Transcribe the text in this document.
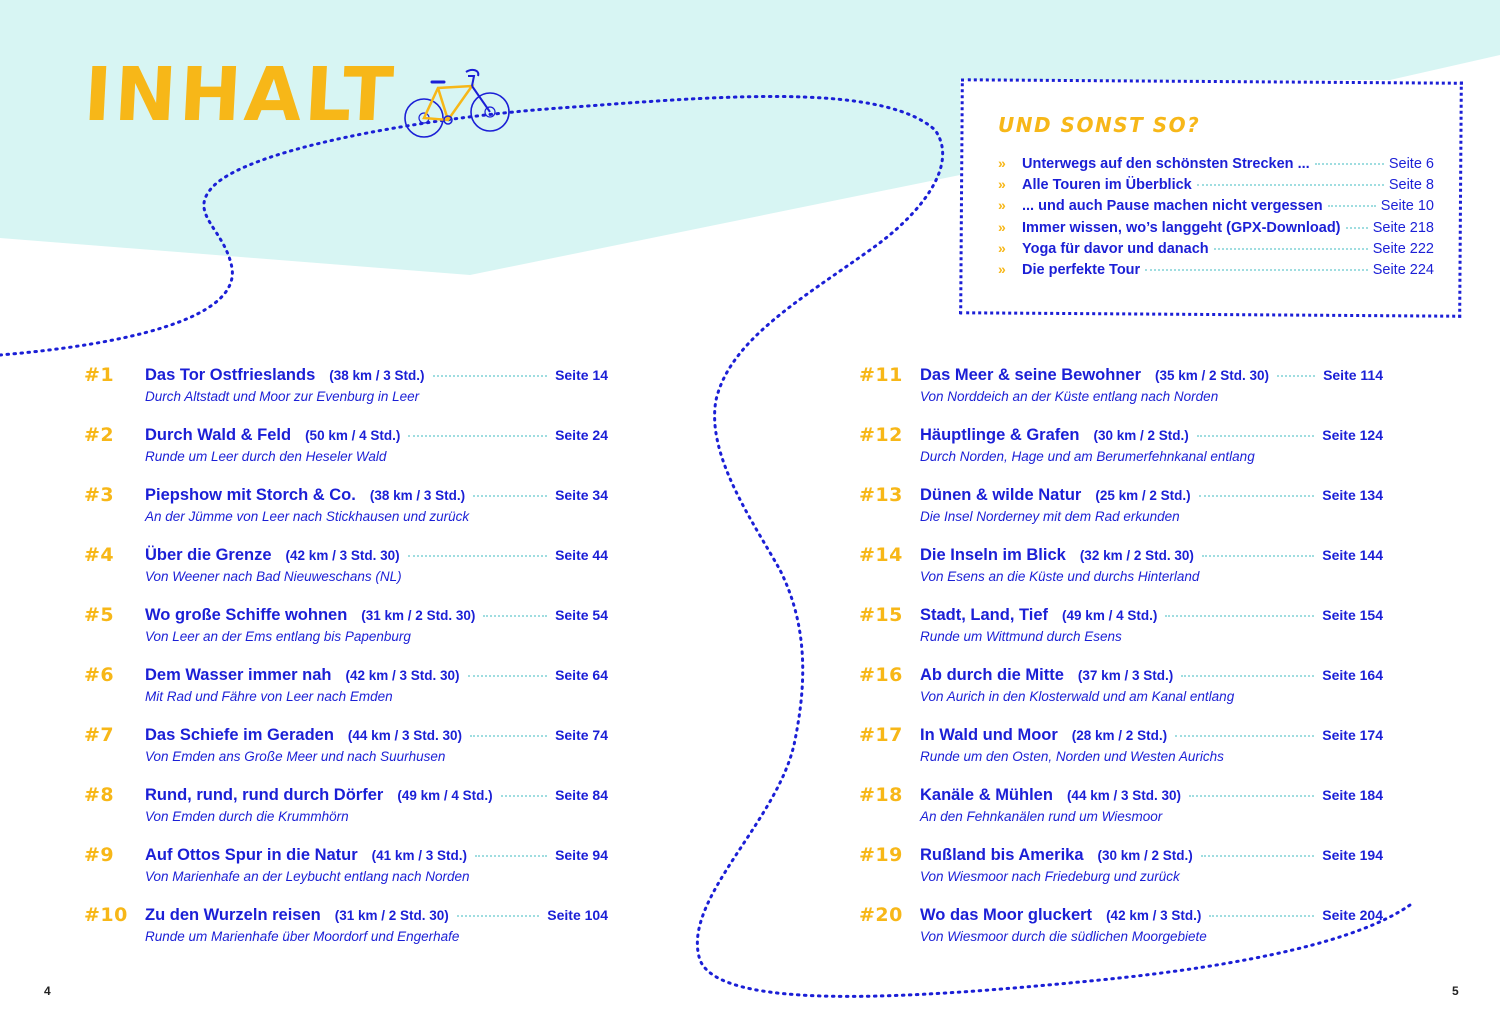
INHALT	UND SONST SO?
»	Unterwegs auf den schönsten Strecken ...	Seite 6
»	Alle Touren im Überblick	Seite 8
»	... und auch Pause machen nicht vergessen	Seite 10
»	Immer wissen, wo’s langgeht (GPX-Download) Seite 218
»	Yoga für davor und danach	Seite 222
»	Die perfekte Tour	Seite 224
#1 Das Tor Ostfrieslands (38 km / 3 Std.)	Seite 14
Durch Altstadt und Moor zur Evenburg in Leer
#2 Durch Wald & Feld (50 km / 4 Std.)	Seite 24
Runde um Leer durch den Heseler Wald
#3 Piepshow mit Storch & Co. (38 km / 3 Std.)	Seite 34
An der Jümme von Leer nach Stickhausen und zurück
#4 Über die Grenze (42 km / 3 Std. 30)	Seite 44
Von Weener nach Bad Nieuweschans (NL)
#5 Wo große Schiffe wohnen (31 km / 2 Std. 30)	Seite 54
Von Leer an der Ems entlang bis Papenburg
#6 Dem Wasser immer nah (42 km / 3 Std. 30)	Seite 64
Mit Rad und Fähre von Leer nach Emden
#7 Das Schiefe im Geraden (44 km / 3 Std. 30)	Seite 74
Von Emden ans Große Meer und nach Suurhusen
#8 Rund, rund, rund durch Dörfer (49 km / 4 Std.)	Seite 84
Von Emden durch die Krummhörn
#9 Auf Ottos Spur in die Natur (41 km / 3 Std.)	Seite 94
Von Marienhafe an der Leybucht entlang nach Norden
#10 Zu den Wurzeln reisen (31 km / 2 Std. 30)	Seite 104
Runde um Marienhafe über Moordorf und Engerhafe
#11 Das Meer & seine Bewohner (35 km / 2 Std. 30)	Seite 114
Von Norddeich an der Küste entlang nach Norden
#12 Häuptlinge & Grafen (30 km / 2 Std.)	Seite 124
Durch Norden, Hage und am Berumerfehnkanal entlang
#13 Dünen & wilde Natur (25 km / 2 Std.)	Seite 134
Die Insel Norderney mit dem Rad erkunden
#14 Die Inseln im Blick (32 km / 2 Std. 30)	Seite 144
Von Esens an die Küste und durchs Hinterland
#15 Stadt, Land, Tief (49 km / 4 Std.)	Seite 154
Runde um Wittmund durch Esens
#16 Ab durch die Mitte (37 km / 3 Std.)	Seite 164
Von Aurich in den Klosterwald und am Kanal entlang
#17 In Wald und Moor (28 km / 2 Std.)	Seite 174
Runde um den Osten, Norden und Westen Aurichs
#18 Kanäle & Mühlen (44 km / 3 Std. 30)	Seite 184
An den Fehnkanälen rund um Wiesmoor
#19 Rußland bis Amerika (30 km / 2 Std.)	Seite 194
Von Wiesmoor nach Friedeburg und zurück
#20 Wo das Moor gluckert (42 km / 3 Std.)	Seite 204
Von Wiesmoor durch die südlichen Moorgebiete
4	5
